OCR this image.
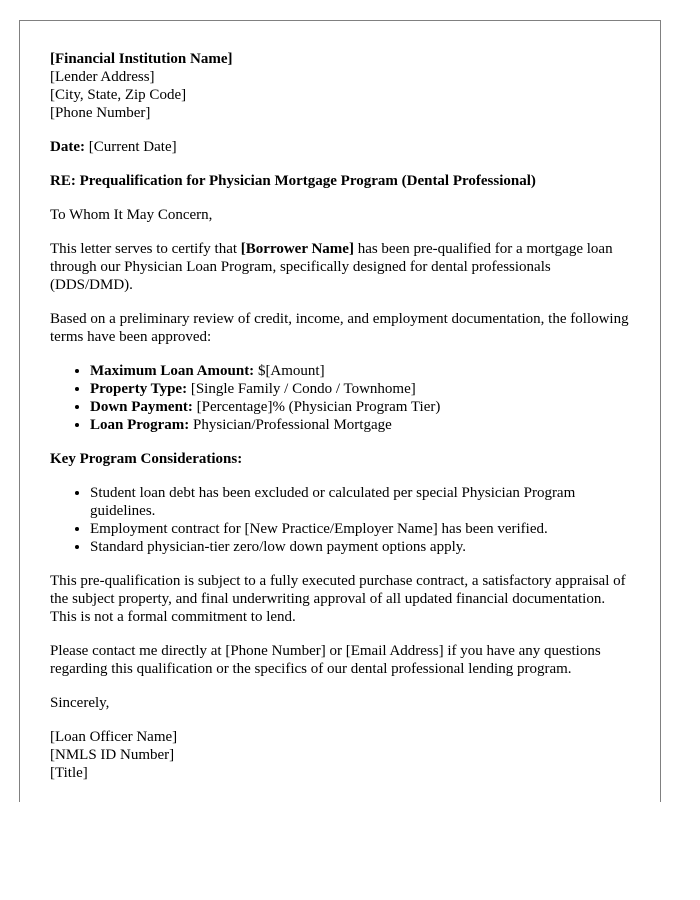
[Financial Institution Name]
[Lender Address]
[City, State, Zip Code]
[Phone Number]

Date: [Current Date]

RE: Prequalification for Physician Mortgage Program (Dental Professional)

To Whom It May Concern,

This letter serves to certify that [Borrower Name] has been pre-qualified for a mortgage loan through our Physician Loan Program, specifically designed for dental professionals (DDS/DMD).

Based on a preliminary review of credit, income, and employment documentation, the following terms have been approved:

• Maximum Loan Amount: $[Amount]
• Property Type: [Single Family / Condo / Townhome]
• Down Payment: [Percentage]% (Physician Program Tier)
• Loan Program: Physician/Professional Mortgage

Key Program Considerations:

• Student loan debt has been excluded or calculated per special Physician Program guidelines.
• Employment contract for [New Practice/Employer Name] has been verified.
• Standard physician-tier zero/low down payment options apply.

This pre-qualification is subject to a fully executed purchase contract, a satisfactory appraisal of the subject property, and final underwriting approval of all updated financial documentation. This is not a formal commitment to lend.

Please contact me directly at [Phone Number] or [Email Address] if you have any questions regarding this qualification or the specifics of our dental professional lending program.

Sincerely,

[Loan Officer Name]
[NMLS ID Number]
[Title]
